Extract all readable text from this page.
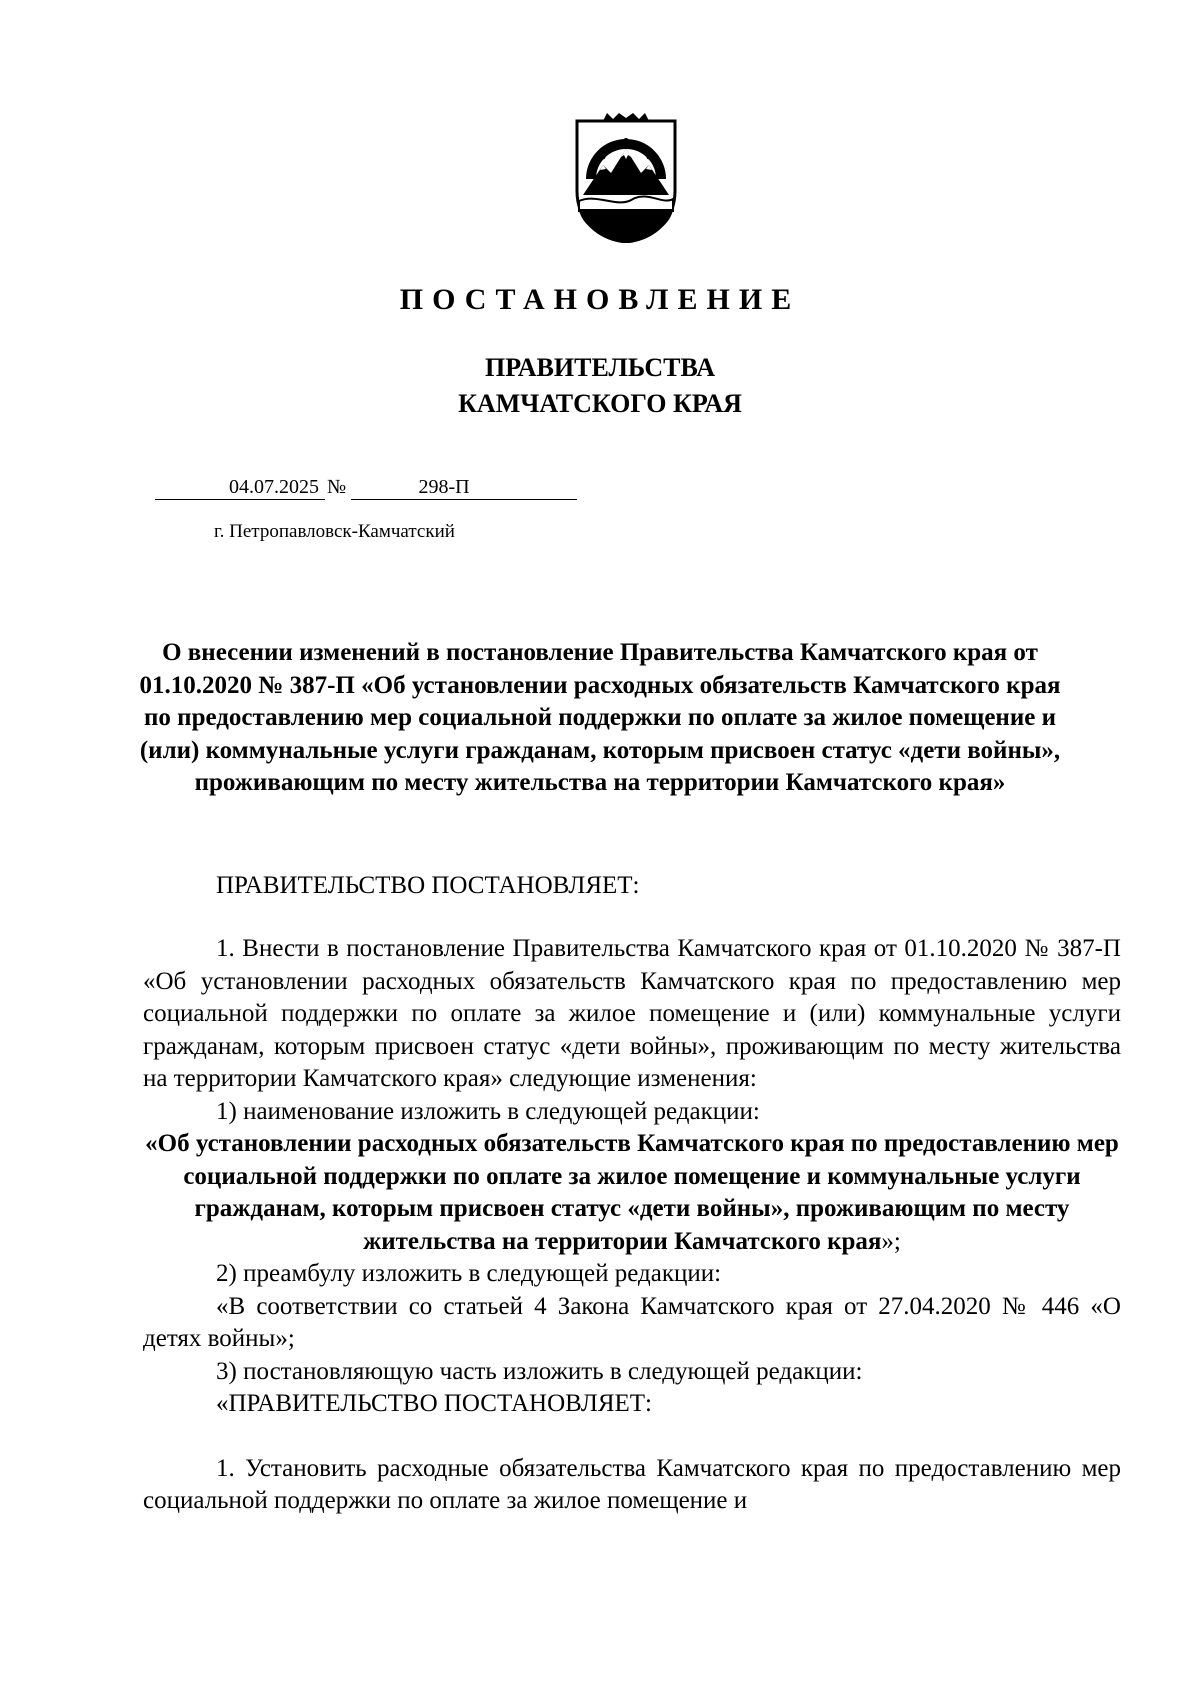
ПОСТАНОВЛЕНИЕ
ПРАВИТЕЛЬСТВА
КАМЧАТСКОГО КРАЯ
04.07.2025 №	298-П
г. Петропавловск-Камчатский
О внесении изменений в постановление Правительства Камчатского края от 01.10.2020 № 387-П «Об установлении расходных обязательств Камчатского края по предоставлению мер социальной поддержки по оплате за жилое помещение и (или) коммунальные услуги гражданам, которым присвоен статус «дети войны», проживающим по месту жительства на территории Камчатского края»
ПРАВИТЕЛЬСТВО ПОСТАНОВЛЯЕТ:

1. Внести в постановление Правительства Камчатского края от 01.10.2020 № 387-П «Об установлении расходных обязательств Камчатского края по предоставлению мер социальной поддержки по оплате за жилое помещение и (или) коммунальные услуги гражданам, которым присвоен статус «дети войны», проживающим по месту жительства на территории Камчатского края» следующие изменения:

1) наименование изложить в следующей редакции:

«Об установлении расходных обязательств Камчатского края по предоставлению мер социальной поддержки по оплате за жилое помещение и коммунальные услуги гражданам, которым присвоен статус «дети войны», проживающим по месту жительства на территории Камчатского края»;

2) преамбулу изложить в следующей редакции:

«В соответствии со статьей 4 Закона Камчатского края от 27.04.2020 № 446 «О детях войны»;

3) постановляющую часть изложить в следующей редакции:

«ПРАВИТЕЛЬСТВО ПОСТАНОВЛЯЕТ:

1. Установить расходные обязательства Камчатского края по предоставлению мер социальной поддержки по оплате за жилое помещение и
